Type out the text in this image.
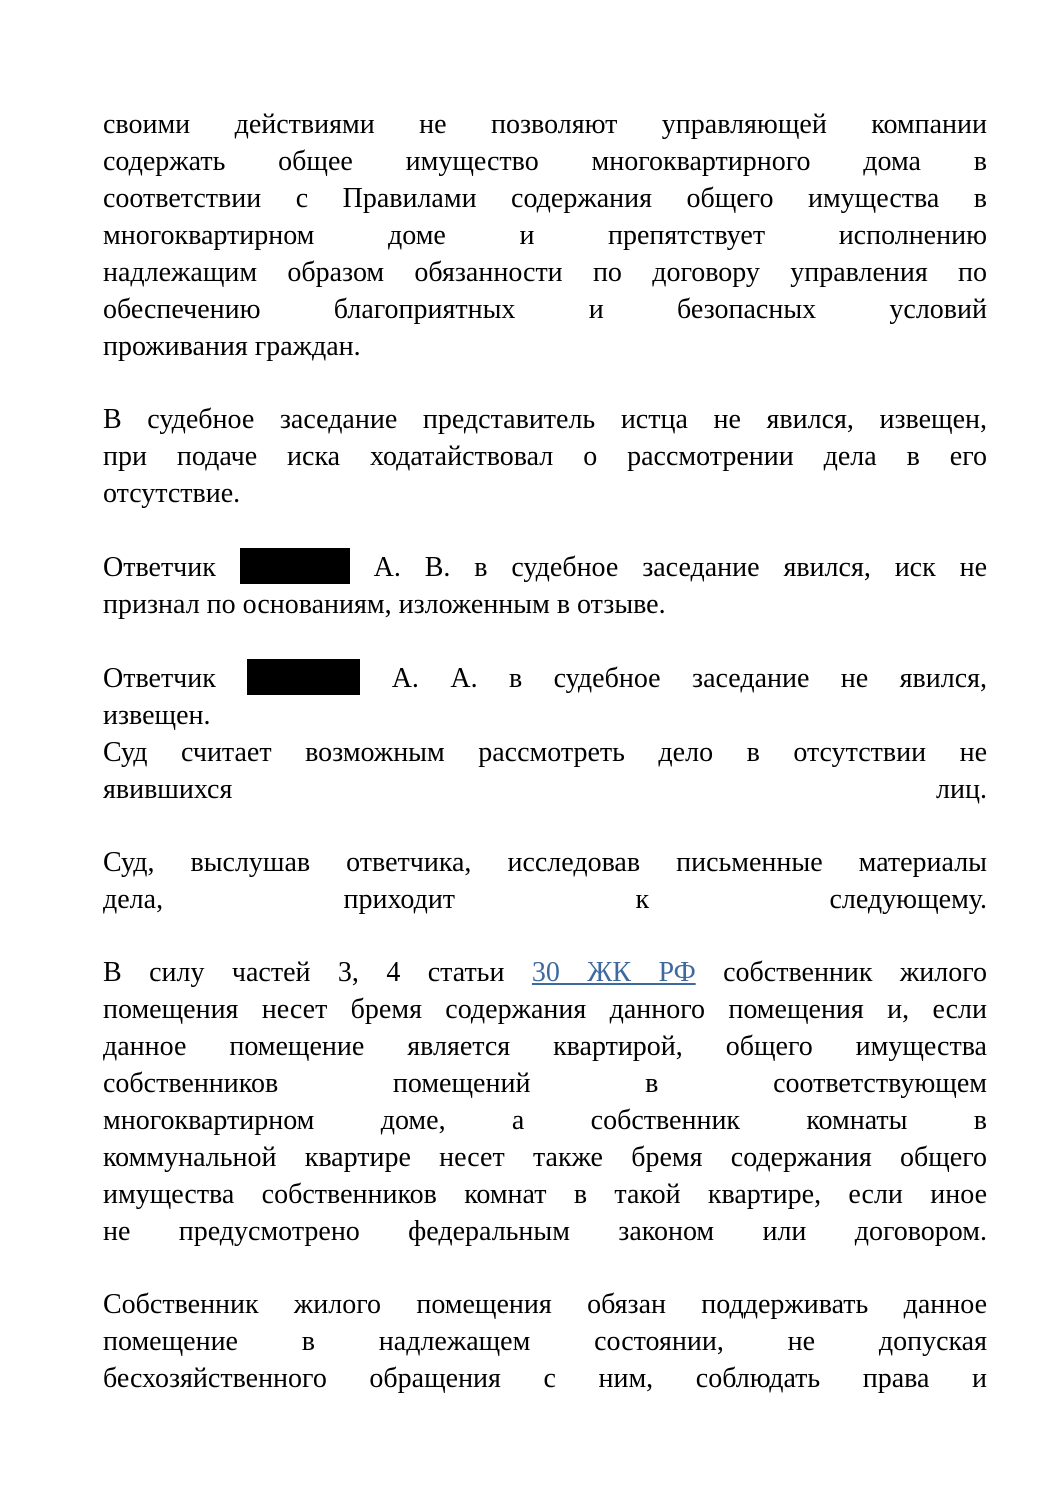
своими действиями не позволяют управляющей компании
содержать общее имущество многоквартирного дома в
соответствии с Правилами содержания общего имущества в
многоквартирном доме и препятствует исполнению
надлежащим образом обязанности по договору управления по
обеспечению благоприятных и безопасных условий
проживания граждан.
В судебное заседание представитель истца не явился, извещен,
при подаче иска ходатайствовал о рассмотрении дела в его
отсутствие.
Ответчик	А. В. в судебное заседание явился, иск не
признал по основаниям, изложенным в отзыве.
Ответчик	А. А. в судебное заседание не явился,
извещен.
Суд считает возможным рассмотреть дело в отсутствии не
явившихся лиц.
Суд, выслушав ответчика, исследовав письменные материалы
дела, приходит к следующему.
В силу частей 3, 4 статьи 30 ЖК РФ собственник жилого
помещения несет бремя содержания данного помещения и, если
данное помещение является квартирой, общего имущества
собственников помещений в соответствующем
многоквартирном доме, а собственник комнаты в
коммунальной квартире несет также бремя содержания общего
имущества собственников комнат в такой квартире, если иное
не предусмотрено федеральным законом или договором.
Собственник жилого помещения обязан поддерживать данное
помещение в надлежащем состоянии, не допуская
бесхозяйственного обращения с ним, соблюдать права и
